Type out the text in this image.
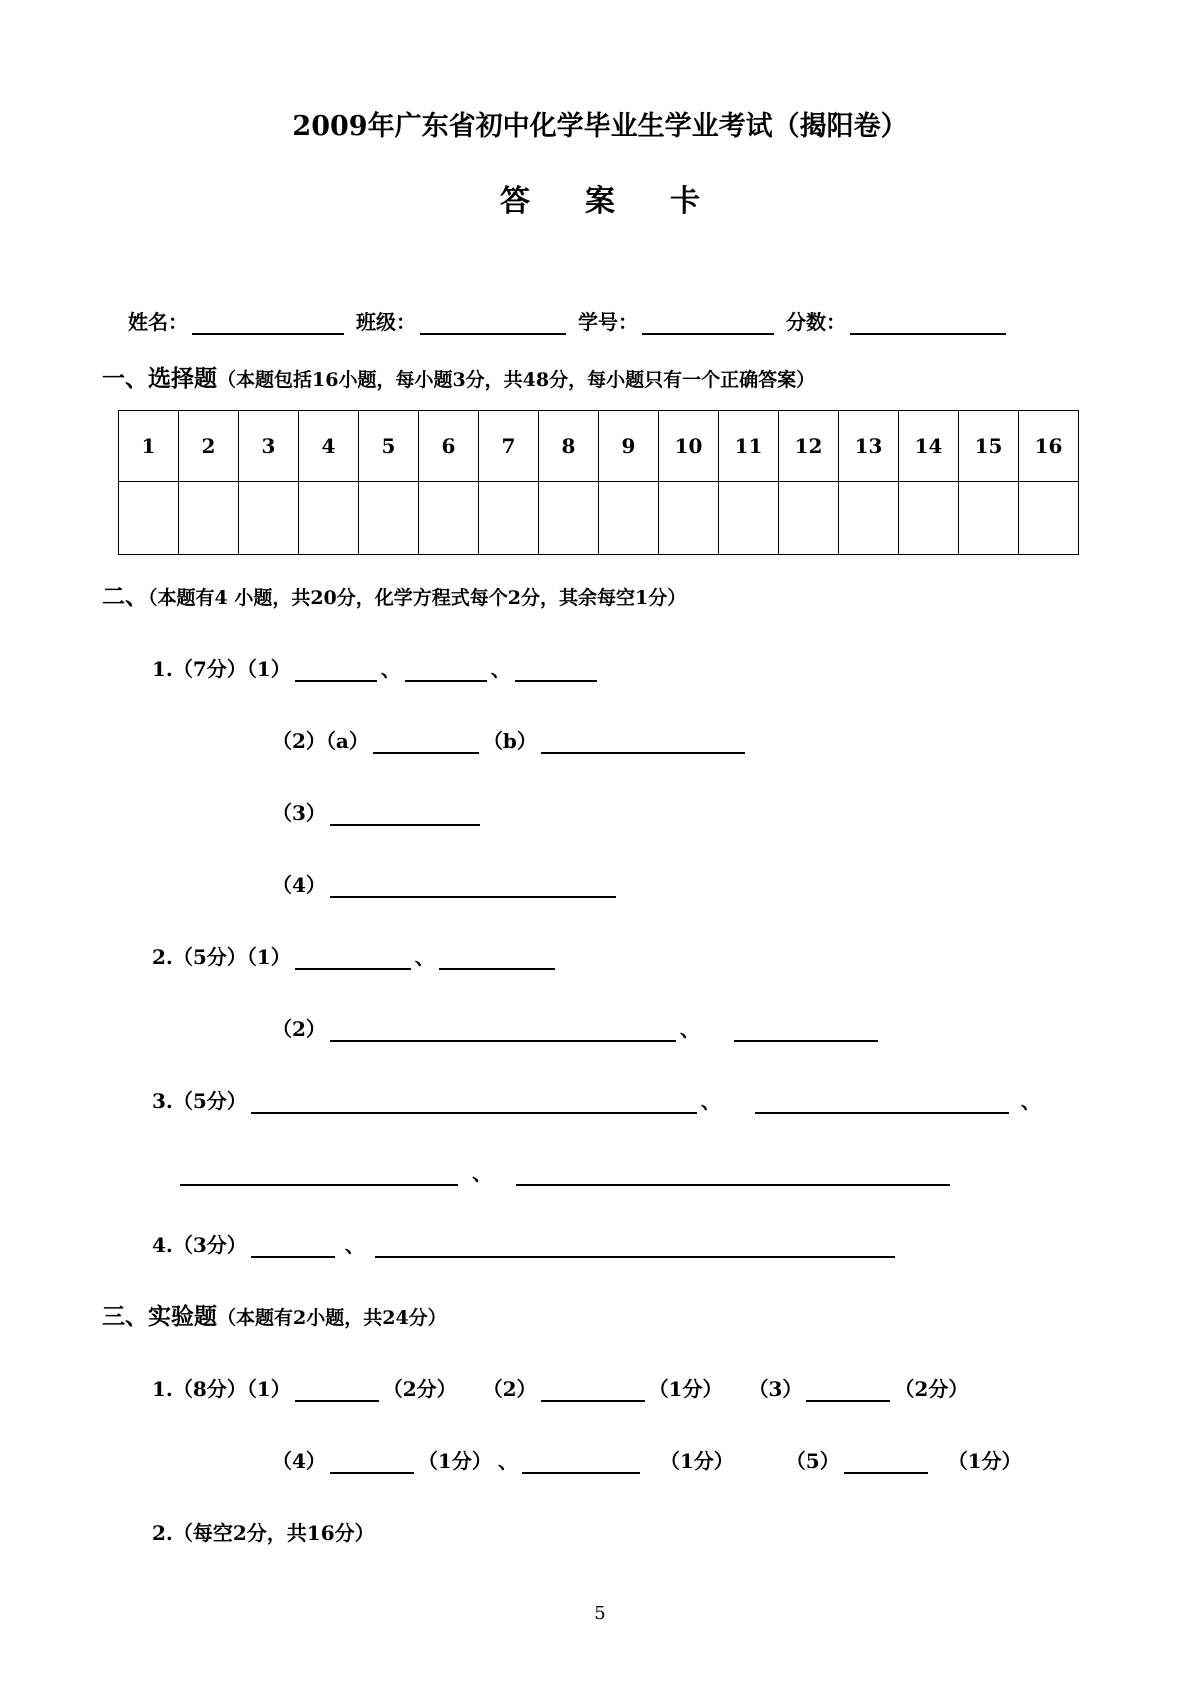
2009年广东省初中化学毕业生学业考试（揭阳卷）
答案卡
姓名：	班级：	学号：	分数：
一、选择题（本题包括16小题，每小题3分，共48分，每小题只有一个正确答案）
1	2	3	4	5	6	7	8	9	10	11	12	13	14	15	16

二、（本题有4 小题，共20分，化学方程式每个2分，其余每空1分）
1.（7分）（1）	、	、
（2）（a）	（b）
（3）
（4）
2.（5分）（1）	、
（2）	、
3.（5分）	、	、
、
4.（3分）	、
三、实验题（本题有2小题，共24分）
1.（8分）（1）	（2分） （2）	（1分） （3）	（2分）
（4）	（1分） 、	（1分）	（5）	（1分）
2.（每空2分，共16分）
5
